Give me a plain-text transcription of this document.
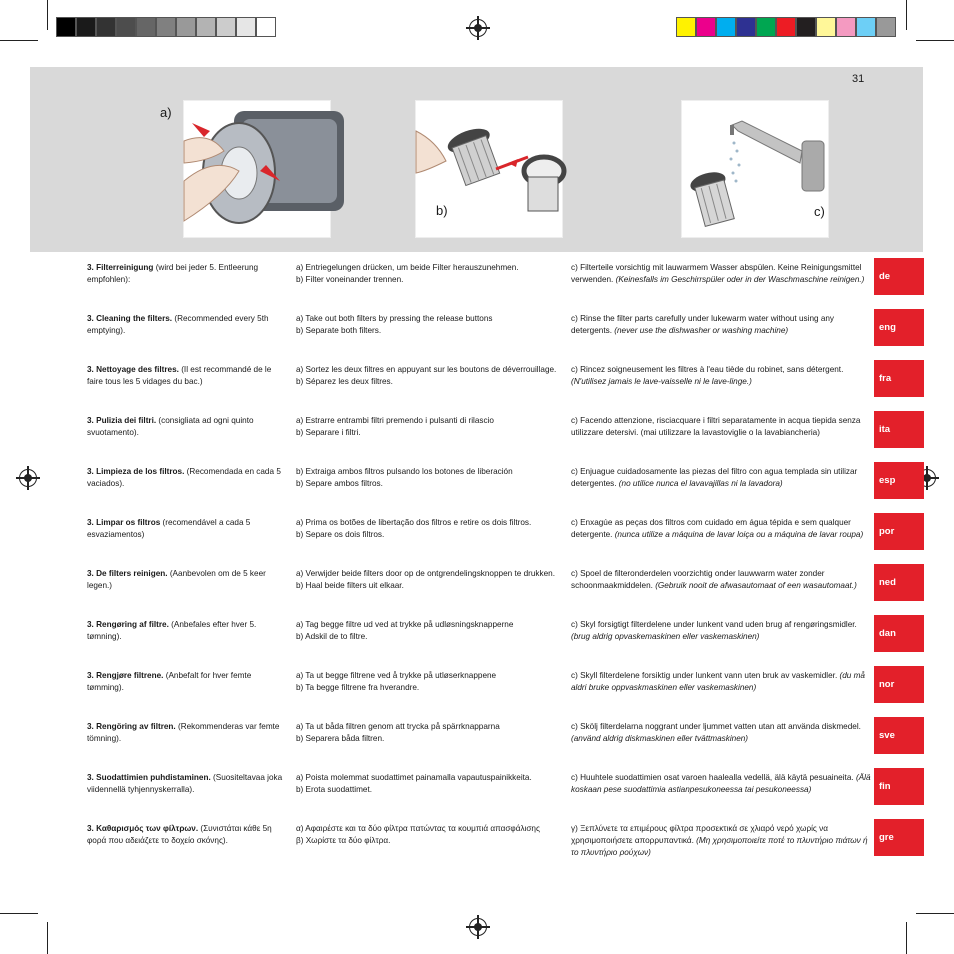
31
a)
b)	c)
3. Filterreinigung (wird bei jeder 5. Entleerung empfohlen):
a) Entriegelungen drücken, um beide Filter herauszunehmen.
b) Filter voneinander trennen.
c) Filterteile vorsichtig mit lauwarmem Wasser abspülen. Keine Reinigungsmittel verwenden. (Keinesfalls im Geschirrspüler oder in der Waschmaschine reinigen.)	de
3. Cleaning the filters. (Recommended every 5th emptying).
a) Take out both filters by pressing the release buttons
b) Separate both filters.
c) Rinse the filter parts carefully under lukewarm water without using any detergents. (never use the dishwasher or washing machine)	eng
3. Nettoyage des filtres. (Il est recommandé de le faire tous les 5 vidages du bac.)
a) Sortez les deux filtres en appuyant sur les boutons de déverrouillage.
b) Séparez les deux filtres.
c) Rincez soigneusement les filtres à l'eau tiède du robinet, sans détergent. (N'utilisez jamais le lave-vaisselle ni le lave-linge.)	fra
3. Pulizia dei filtri. (consigliata ad ogni quinto svuotamento).
a) Estrarre entrambi filtri premendo i pulsanti di rilascio
b) Separare i filtri.
c) Facendo attenzione, risciacquare i filtri separatamente in acqua tiepida senza utilizzare detersivi. (mai utilizzare la lavastoviglie o la lavabiancheria)	ita
3. Limpieza de los filtros. (Recomendada en cada 5 vaciados).
b) Extraiga ambos filtros pulsando los botones de liberación
b) Separe ambos filtros.
c) Enjuague cuidadosamente las piezas del filtro con agua templada sin utilizar detergentes. (no utilice nunca el lavavajillas ni la lavadora)	esp
3. Limpar os filtros (recomendável a cada 5 esvaziamentos)
a) Prima os botões de libertação dos filtros e retire os dois filtros.
b) Separe os dois filtros.
c) Enxagúe as peças dos filtros com cuidado em água tépida e sem qualquer detergente. (nunca utilize a máquina de lavar loiça ou a máquina de lavar roupa)	por
3. De filters reinigen. (Aanbevolen om de 5 keer legen.)
a) Verwijder beide filters door op de ontgrendelingsknoppen te drukken.
b) Haal beide filters uit elkaar.
c) Spoel de filteronderdelen voorzichtig onder lauwwarm water zonder schoonmaakmiddelen. (Gebruik nooit de afwasautomaat of een wasautomaat.)	ned
3. Rengøring af filtre. (Anbefales efter hver 5. tømning).
a) Tag begge filtre ud ved at trykke på udløsningsknapperne
b) Adskil de to filtre.
c) Skyl forsigtigt filterdelene under lunkent vand uden brug af rengøringsmidler. (brug aldrig opvaskemaskinen eller vaskemaskinen)	dan
3. Rengjøre filtrene. (Anbefalt for hver femte tømming).
a) Ta ut begge filtrene ved å trykke på utløserknappene
b) Ta begge filtrene fra hverandre.
c) Skyll filterdelene forsiktig under lunkent vann uten bruk av vaskemidler. (du må aldri bruke oppvaskmaskinen eller vaskemaskinen)	nor
3. Rengöring av filtren. (Rekommenderas var femte tömning).
a) Ta ut båda filtren genom att trycka på spärrknapparna
b) Separera båda filtren.
c) Skölj filterdelarna noggrant under ljummet vatten utan att använda diskmedel. (använd aldrig diskmaskinen eller tvättmaskinen)	sve
3. Suodattimien puhdistaminen. (Suositeltavaa joka viidennellä tyhjennyskerralla).
a) Poista molemmat suodattimet painamalla vapautuspainikkeita.
b) Erota suodattimet.
c) Huuhtele suodattimien osat varoen haalealla vedellä, älä käytä pesuaineita. (Älä koskaan pese suodattimia astianpesukoneessa tai pesukoneessa)	fin
3. Καθαρισμός των φίλτρων. (Συνιστάται κάθε 5η φορά που αδειάζετε το δοχείο σκόνης).
α) Αφαιρέστε και τα δύο φίλτρα πατώντας τα κουμπιά απασφάλισης
β) Χωρίστε τα δύο φίλτρα.
γ) Ξεπλύνετε τα επιμέρους φίλτρα προσεκτικά σε χλιαρό νερό χωρίς να χρησιμοποιήσετε απορρυπαντικά. (Μη χρησιμοποιείτε ποτέ το πλυντήριο πιάτων ή το πλυντήριο ρούχων)
gre
